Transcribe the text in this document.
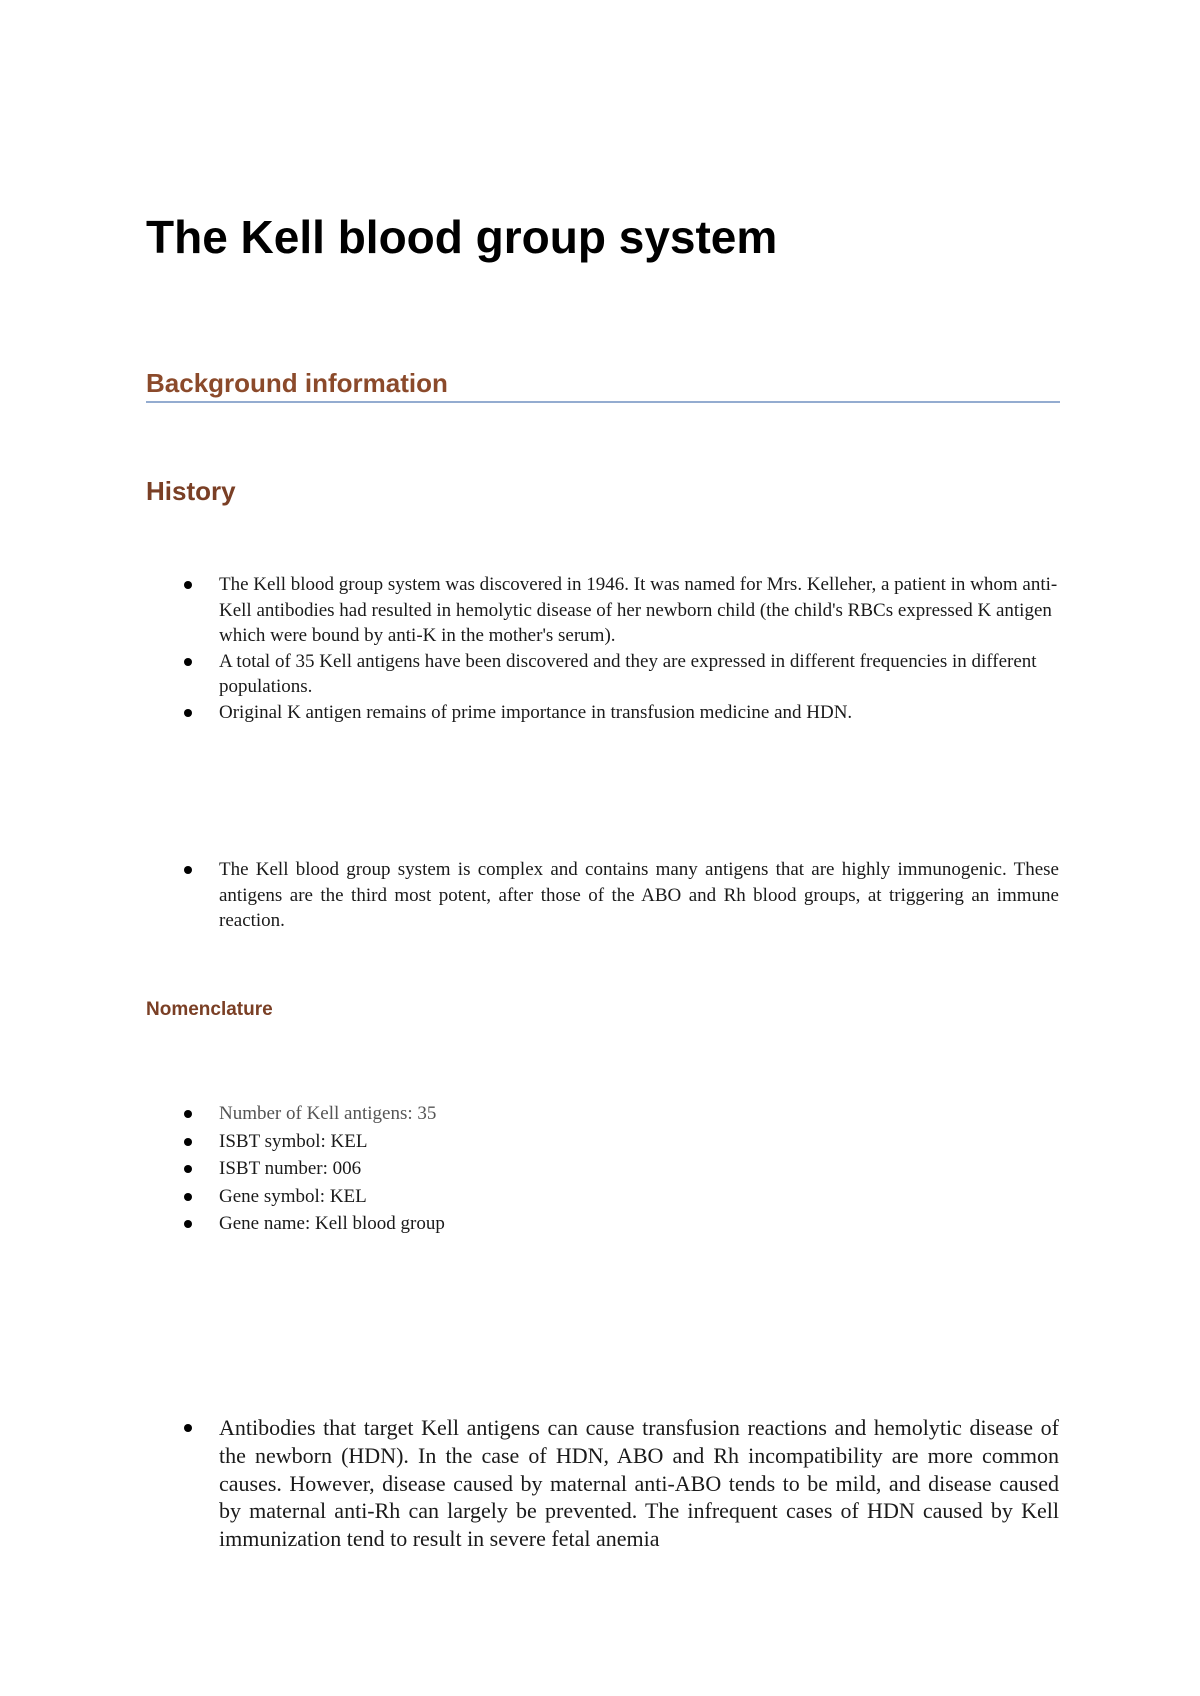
The Kell blood group system
Background information
History
The Kell blood group system was discovered in 1946. It was named for Mrs. Kelleher, a patient in whom anti-Kell antibodies had resulted in hemolytic disease of her newborn child (the child's RBCs expressed K antigen which were bound by anti-K in the mother's serum).
A total of 35 Kell antigens have been discovered and they are expressed in different frequencies in different populations.
Original K antigen remains of prime importance in transfusion medicine and HDN.
The Kell blood group system is complex and contains many antigens that are highly immunogenic. These antigens are the third most potent, after those of the ABO and Rh blood groups, at triggering an immune reaction.
Nomenclature
Number of Kell antigens: 35
ISBT symbol: KEL
ISBT number: 006
Gene symbol: KEL
Gene name: Kell blood group
Antibodies that target Kell antigens can cause transfusion reactions and hemolytic disease of the newborn (HDN). In the case of HDN, ABO and Rh incompatibility are more common causes. However, disease caused by maternal anti-ABO tends to be mild, and disease caused by maternal anti-Rh can largely be prevented. The infrequent cases of HDN caused by Kell immunization tend to result in severe fetal anemia
